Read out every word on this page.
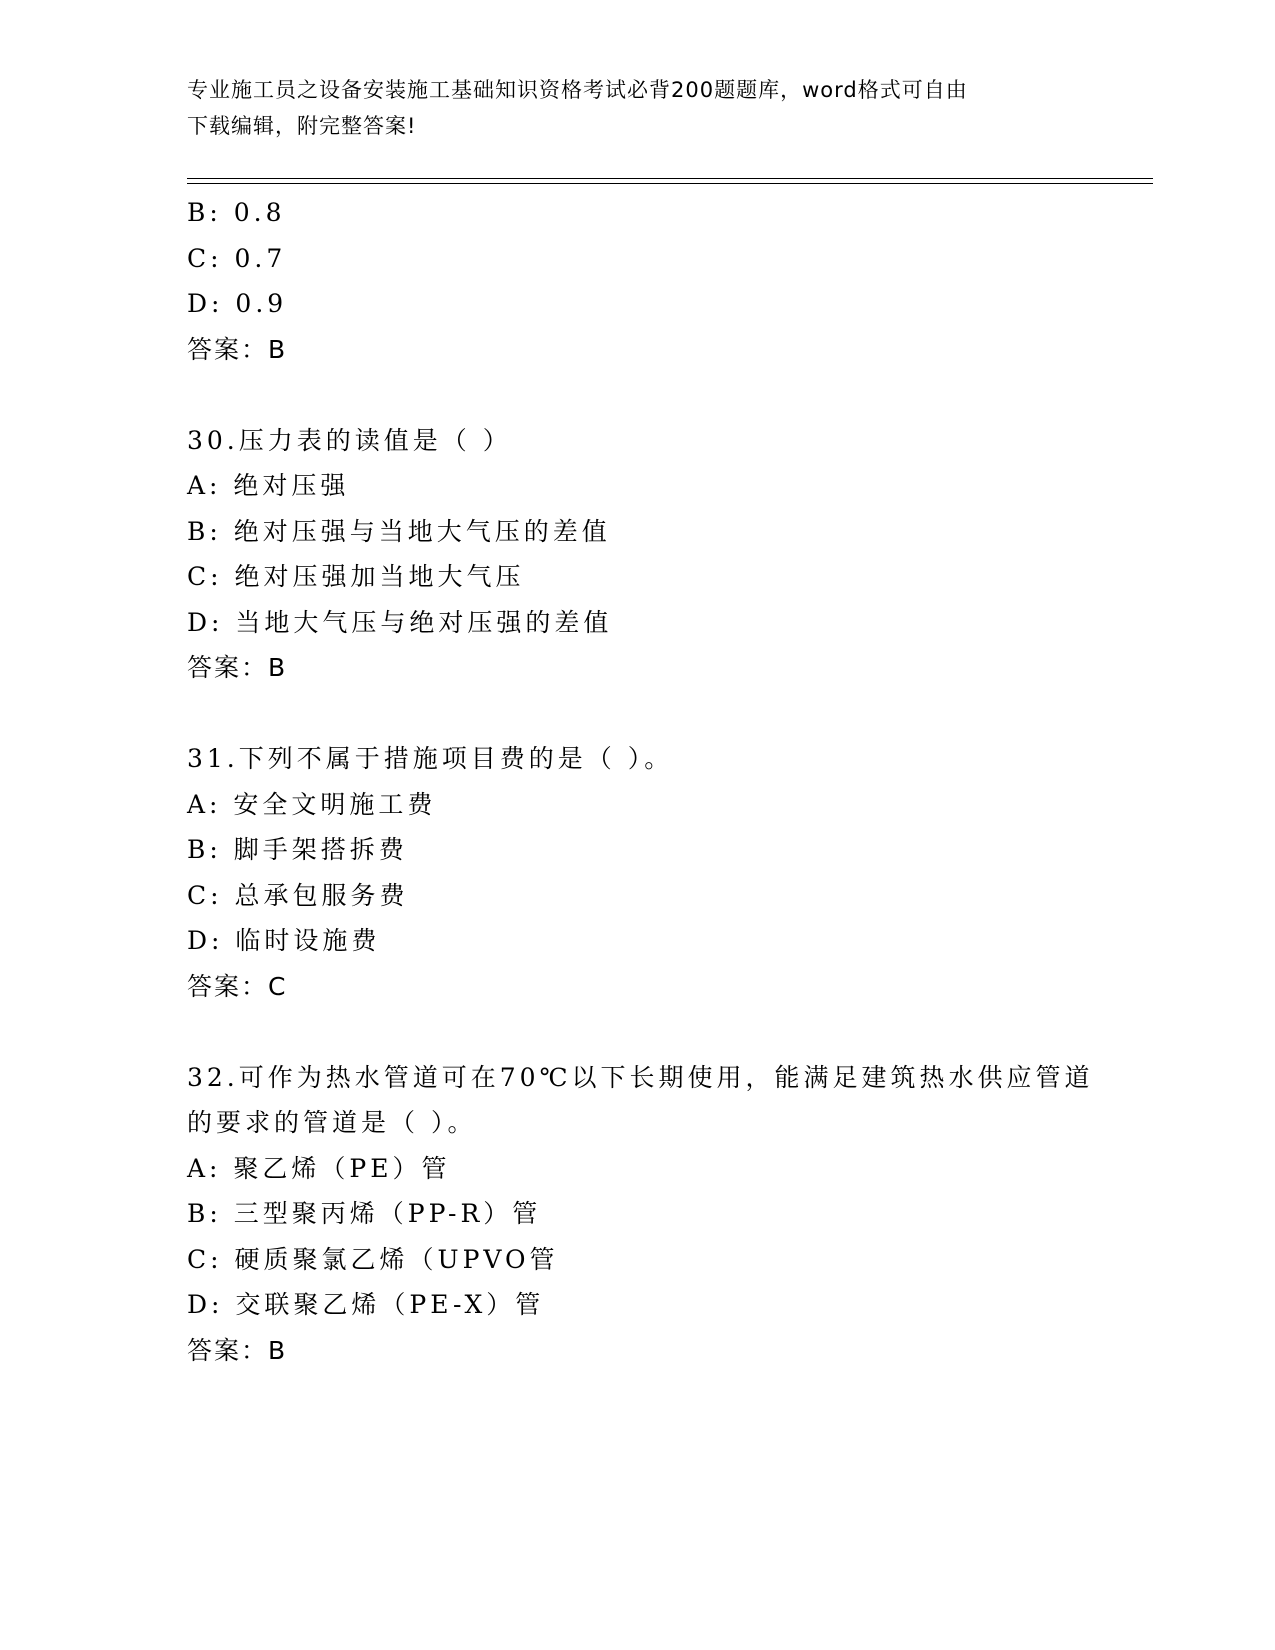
专业施工员之设备安装施工基础知识资格考试必背200题题库，word格式可自由
下载编辑，附完整答案!
B: 0.8
C: 0.7
D: 0.9
答案：B
30.压力表的读值是（ ）
A: 绝对压强
B: 绝对压强与当地大气压的差值
C: 绝对压强加当地大气压
D: 当地大气压与绝对压强的差值
答案：B
31.下列不属于措施项目费的是（ ）。
A: 安全文明施工费
B: 脚手架搭拆费
C: 总承包服务费
D: 临时设施费
答案：C
32.可作为热水管道可在70℃以下长期使用，能满足建筑热水供应管道
的要求的管道是（ ）。
A: 聚乙烯（PE）管
B: 三型聚丙烯（PP-R）管
C: 硬质聚氯乙烯（UPVO管
D: 交联聚乙烯（PE-X）管
答案：B
